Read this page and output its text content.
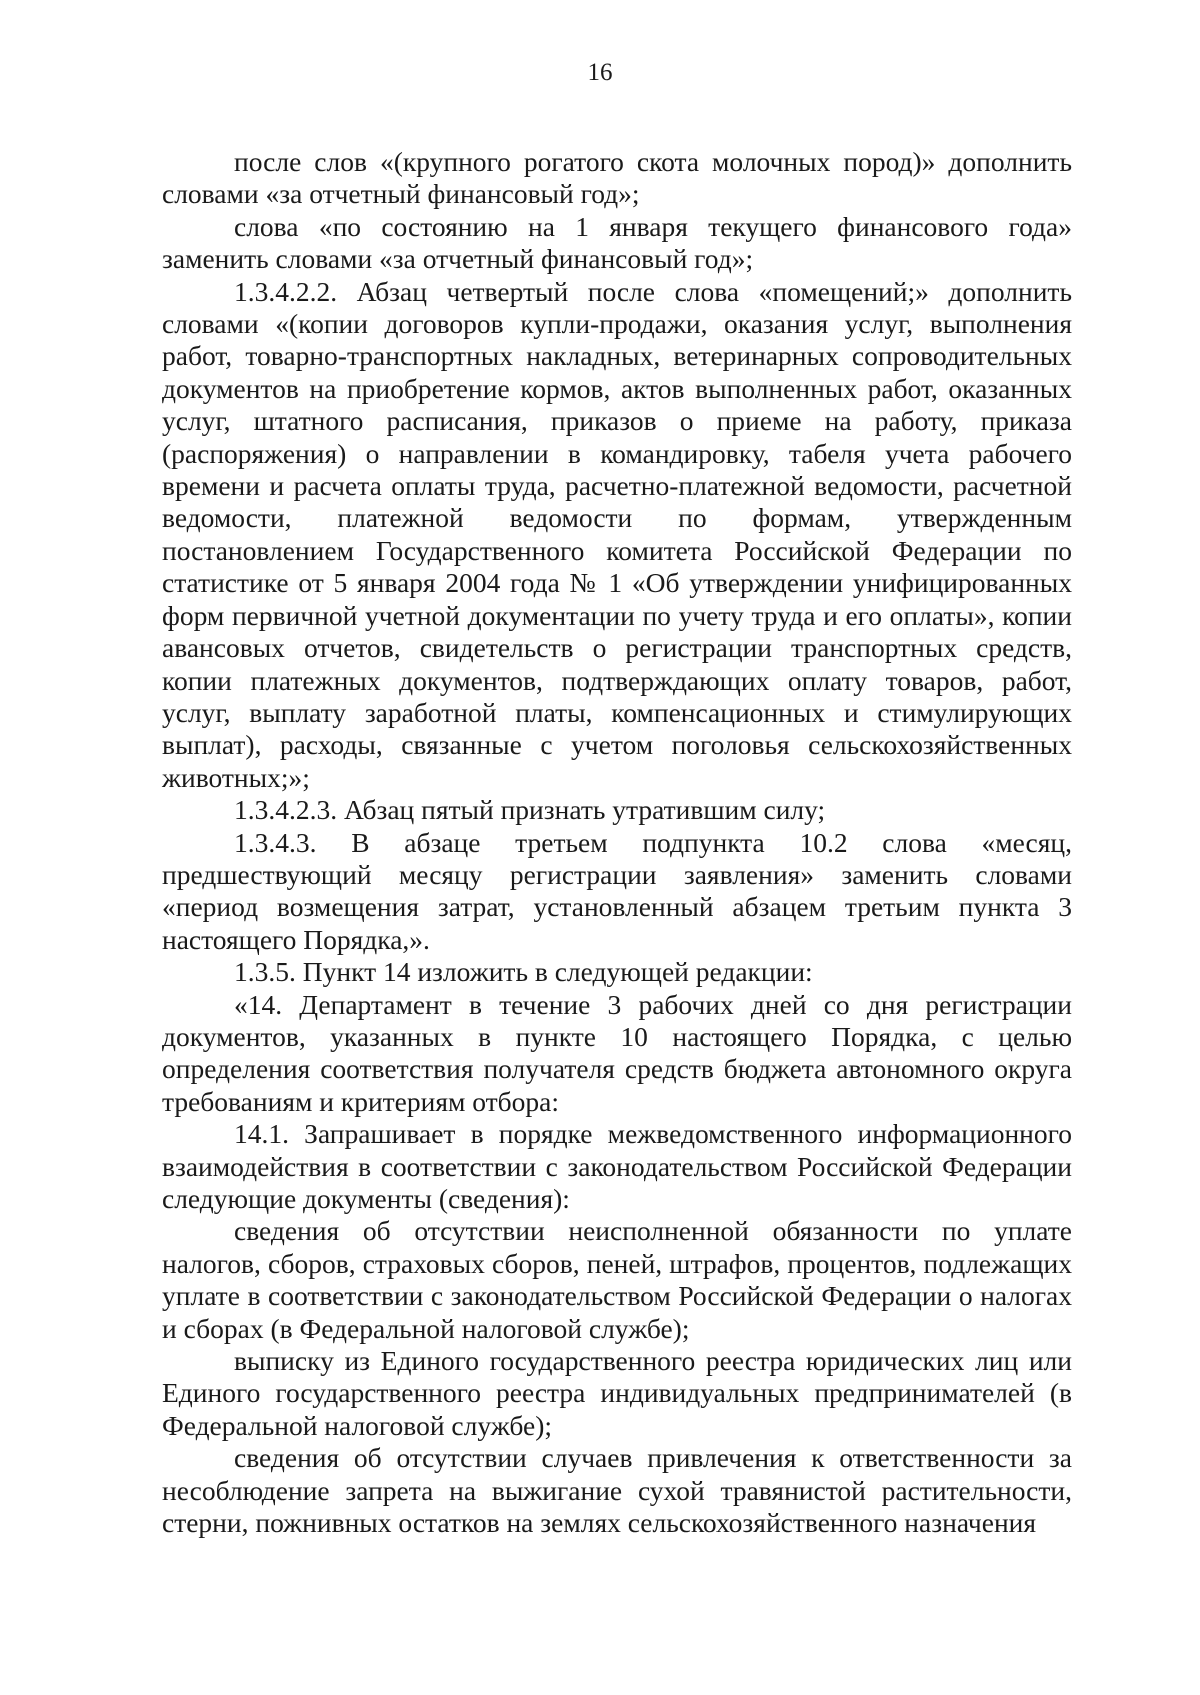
16

после слов «(крупного рогатого скота молочных пород)» дополнить словами «за отчетный финансовый год»;

слова «по состоянию на 1 января текущего финансового года» заменить словами «за отчетный финансовый год»;

1.3.4.2.2. Абзац четвертый после слова «помещений;» дополнить словами «(копии договоров купли-продажи, оказания услуг, выполнения работ, товарно-транспортных накладных, ветеринарных сопроводительных документов на приобретение кормов, актов выполненных работ, оказанных услуг, штатного расписания, приказов о приеме на работу, приказа (распоряжения) о направлении в командировку, табеля учета рабочего времени и расчета оплаты труда, расчетно-платежной ведомости, расчетной ведомости, платежной ведомости по формам, утвержденным постановлением Государственного комитета Российской Федерации по статистике от 5 января 2004 года № 1 «Об утверждении унифицированных форм первичной учетной документации по учету труда и его оплаты», копии авансовых отчетов, свидетельств о регистрации транспортных средств, копии платежных документов, подтверждающих оплату товаров, работ, услуг, выплату заработной платы, компенсационных и стимулирующих выплат), расходы, связанные с учетом поголовья сельскохозяйственных животных;»;

1.3.4.2.3. Абзац пятый признать утратившим силу;

1.3.4.3. В абзаце третьем подпункта 10.2 слова «месяц, предшествующий месяцу регистрации заявления» заменить словами «период возмещения затрат, установленный абзацем третьим пункта 3 настоящего Порядка,».

1.3.5. Пункт 14 изложить в следующей редакции:

«14. Департамент в течение 3 рабочих дней со дня регистрации документов, указанных в пункте 10 настоящего Порядка, с целью определения соответствия получателя средств бюджета автономного округа требованиям и критериям отбора:

14.1. Запрашивает в порядке межведомственного информационного взаимодействия в соответствии с законодательством Российской Федерации следующие документы (сведения):

сведения об отсутствии неисполненной обязанности по уплате налогов, сборов, страховых сборов, пеней, штрафов, процентов, подлежащих уплате в соответствии с законодательством Российской Федерации о налогах и сборах (в Федеральной налоговой службе);

выписку из Единого государственного реестра юридических лиц или Единого государственного реестра индивидуальных предпринимателей (в Федеральной налоговой службе);

сведения об отсутствии случаев привлечения к ответственности за несоблюдение запрета на выжигание сухой травянистой растительности, стерни, пожнивных остатков на землях сельскохозяйственного назначения
